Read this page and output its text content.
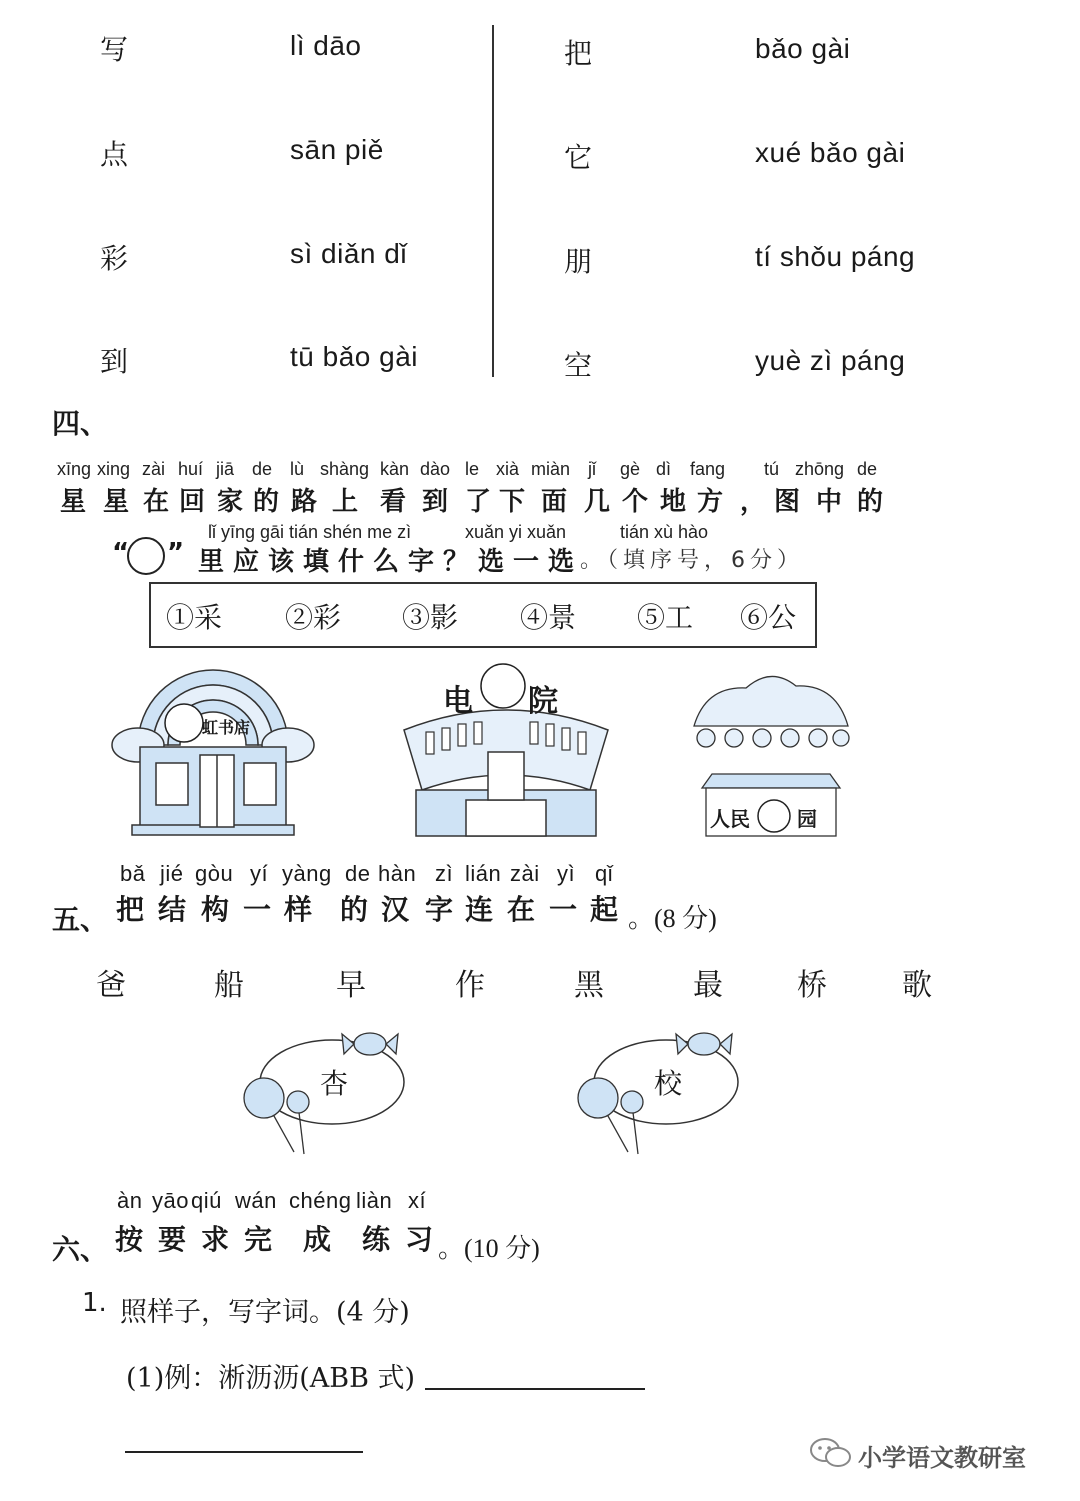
写	lì dāo
点	sān piě
彩	sì diǎn dǐ
到	tū bǎo gài
把	bǎo gài
它	xué bǎo gài
朋	tí shǒu páng
空	yuè zì páng
四、
xīng xing zài huí jiā de lù shàng kàn dào le xià miàn jǐ gè dì fang tú zhōng de
星 星 在 回 家 的 路 上 看 到 了 下 面 几 个 地 方 ， 图 中 的
lǐ yīng gāi tián shén me zì	xuǎn yi xuǎn	tián xù hào
“ ” 里应该填什么字？选一选
。（填序号，6分）
①采 ②彩 ③影 ④景 ⑤工 ⑥公
虹书店
电 院
人民 园
bǎ jié gòu yí yàng de hàn zì lián zài yì qǐ
五、 把 结 构 一 样 的 汉 字 连 在 一 起 。(8 分)
爸	船	早	作	黑	最 桥	歌
杏	校
àn yāo qiú wán chéng liàn xí
六、 按 要 求 完 成 练 习 。(10 分)
1. 照样子，写字词。(4 分)
(1)例：淅沥沥(ABB 式)
小学语文教研室
